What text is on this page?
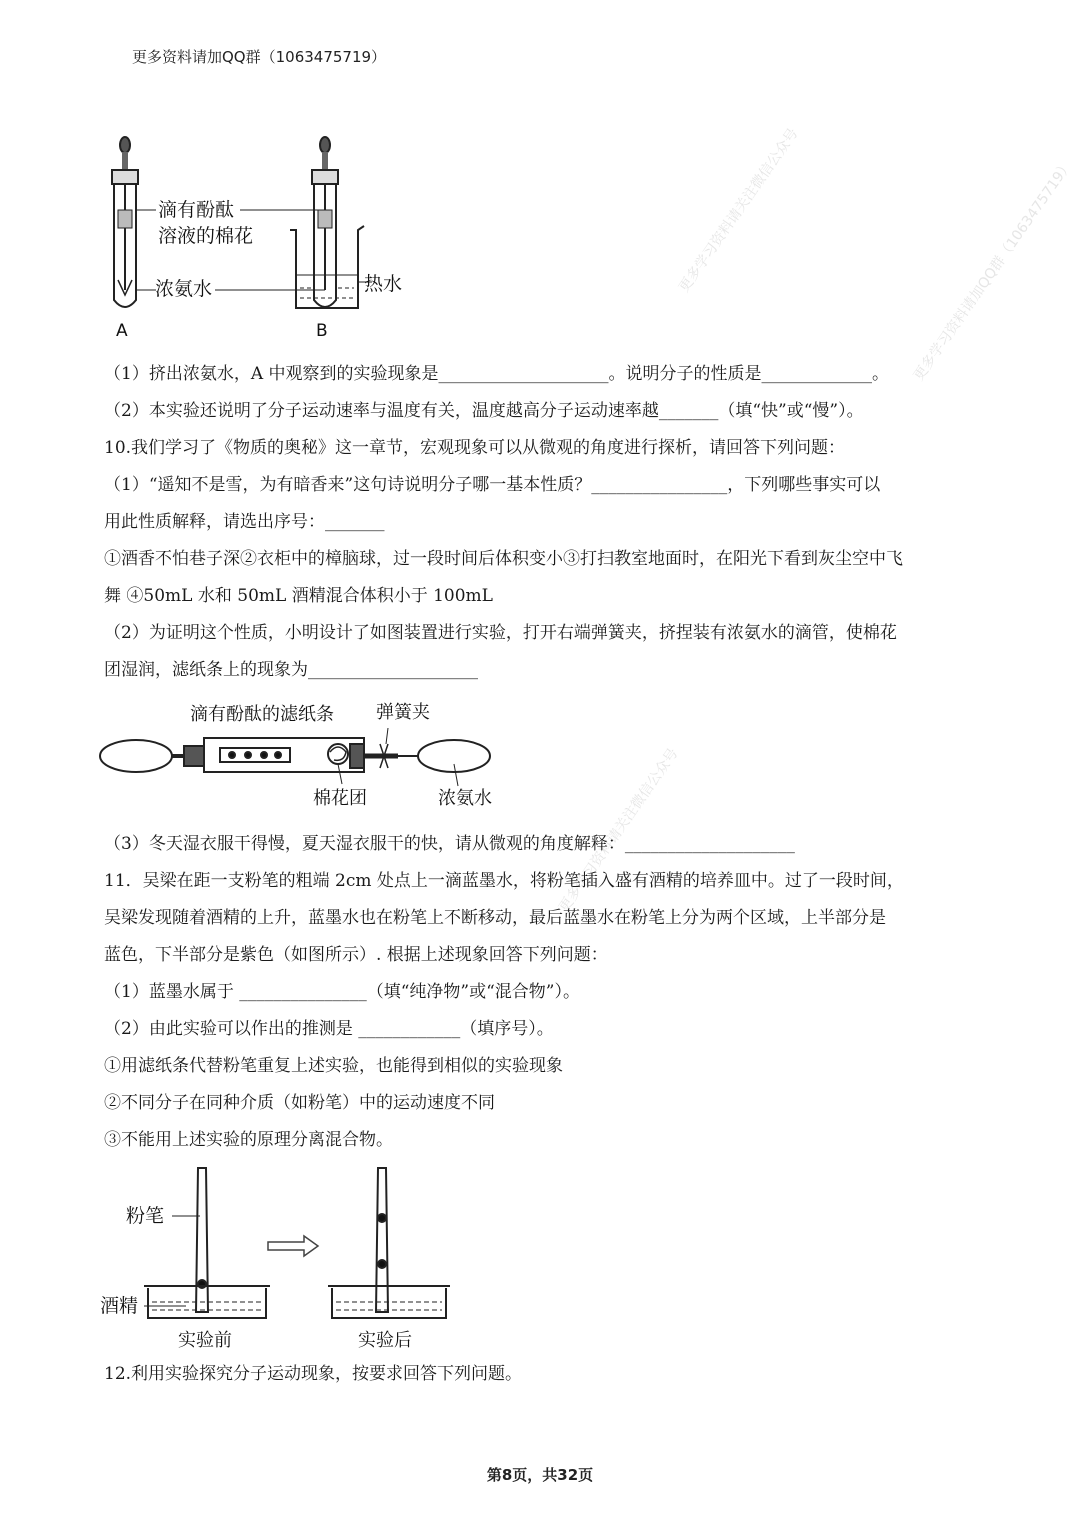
更多学习资料请关注微信公众号	更多学习资料请加QQ群（1063475719）
更多学习资料请关注微信公众号
更多资料请加QQ群（1063475719）
滴有酚酞
溶液的棉花
浓氨水
A
热水
B
（1）挤出浓氨水，A 中观察到的实验现象是____________________。说明分子的性质是_____________。
（2）本实验还说明了分子运动速率与温度有关，温度越高分子运动速率越_______（填“快”或“慢”）。
10.我们学习了《物质的奥秘》这一章节，宏观现象可以从微观的角度进行探析，请回答下列问题：
（1）“遥知不是雪，为有暗香来”这句诗说明分子哪一基本性质？________________，下列哪些事实可以
用此性质解释，请选出序号：_______
①酒香不怕巷子深②衣柜中的樟脑球，过一段时间后体积变小③打扫教室地面时，在阳光下看到灰尘空中飞
舞 ④50mL 水和 50mL 酒精混合体积小于 100mL
（2）为证明这个性质，小明设计了如图装置进行实验，打开右端弹簧夹，挤捏装有浓氨水的滴管，使棉花
团湿润，滤纸条上的现象为____________________
滴有酚酞的滤纸条 弹簧夹
棉花团	浓氨水
（3）冬天湿衣服干得慢，夏天湿衣服干的快，请从微观的角度解释：____________________
11．吴梁在距一支粉笔的粗端 2cm 处点上一滴蓝墨水，将粉笔插入盛有酒精的培养皿中。过了一段时间，
吴梁发现随着酒精的上升，蓝墨水也在粉笔上不断移动，最后蓝墨水在粉笔上分为两个区域，上半部分是
蓝色，下半部分是紫色（如图所示）. 根据上述现象回答下列问题：
（1）蓝墨水属于 _______________（填“纯净物”或“混合物”）。
（2）由此实验可以作出的推测是 ____________（填序号）。
①用滤纸条代替粉笔重复上述实验，也能得到相似的实验现象
②不同分子在同种介质（如粉笔）中的运动速度不同
③不能用上述实验的原理分离混合物。
粉笔
酒精
实验前	实验后
12.利用实验探究分子运动现象，按要求回答下列问题。
第8页，共32页
